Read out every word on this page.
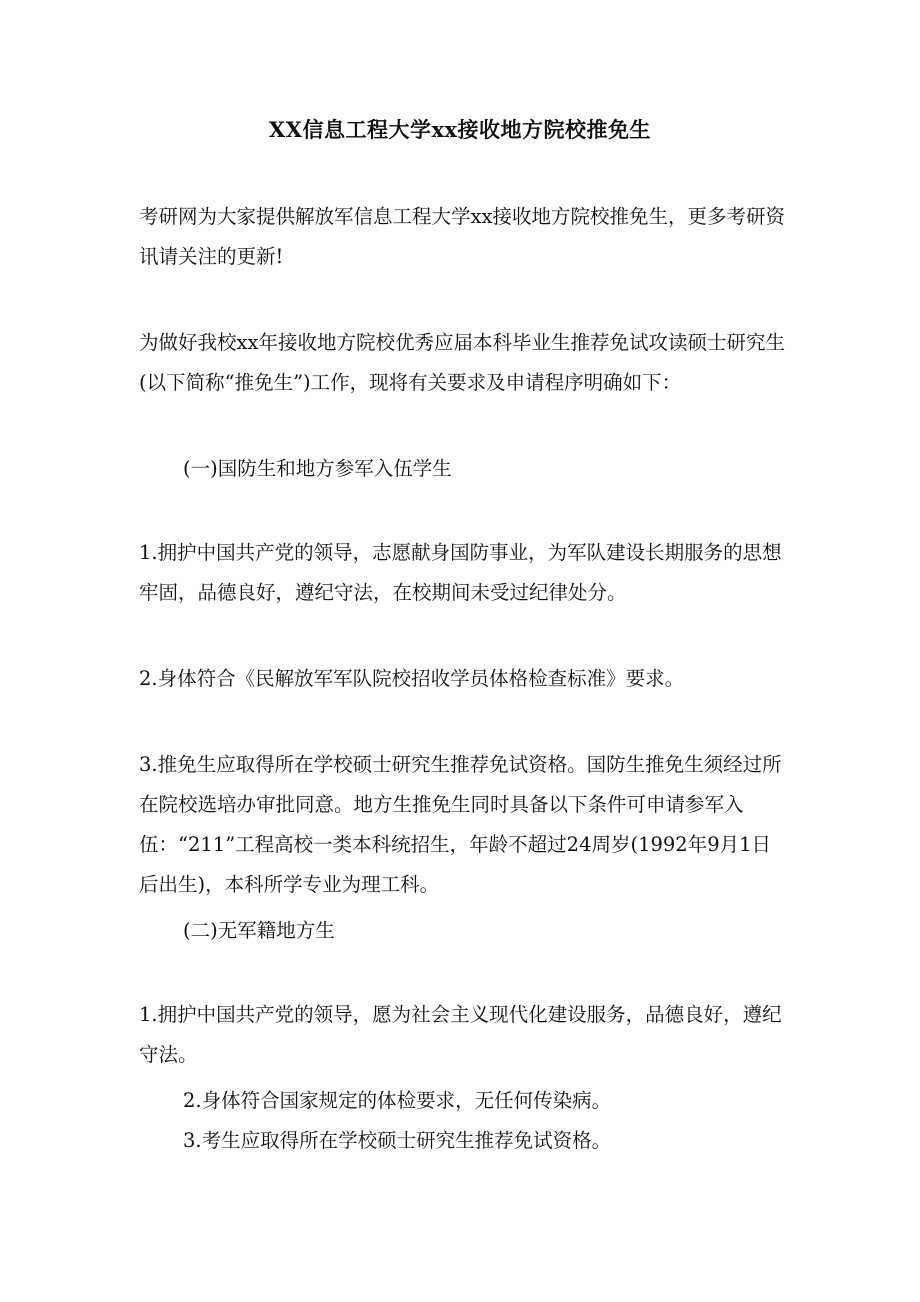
XX信息工程大学xx接收地方院校推免生

考研网为大家提供解放军信息工程大学xx接收地方院校推免生，更多考研资讯请关注的更新!

为做好我校xx年接收地方院校优秀应届本科毕业生推荐免试攻读硕士研究生(以下简称“推免生”)工作，现将有关要求及申请程序明确如下：

(一)国防生和地方参军入伍学生

1.拥护中国共产党的领导，志愿献身国防事业，为军队建设长期服务的思想牢固，品德良好，遵纪守法，在校期间未受过纪律处分。

2.身体符合《民解放军军队院校招收学员体格检查标准》要求。

3.推免生应取得所在学校硕士研究生推荐免试资格。国防生推免生须经过所在院校选培办审批同意。地方生推免生同时具备以下条件可申请参军入伍：“211”工程高校一类本科统招生，年龄不超过24周岁(1992年9月1日后出生)，本科所学专业为理工科。

(二)无军籍地方生

1.拥护中国共产党的领导，愿为社会主义现代化建设服务，品德良好，遵纪守法。

2.身体符合国家规定的体检要求，无任何传染病。

3.考生应取得所在学校硕士研究生推荐免试资格。
